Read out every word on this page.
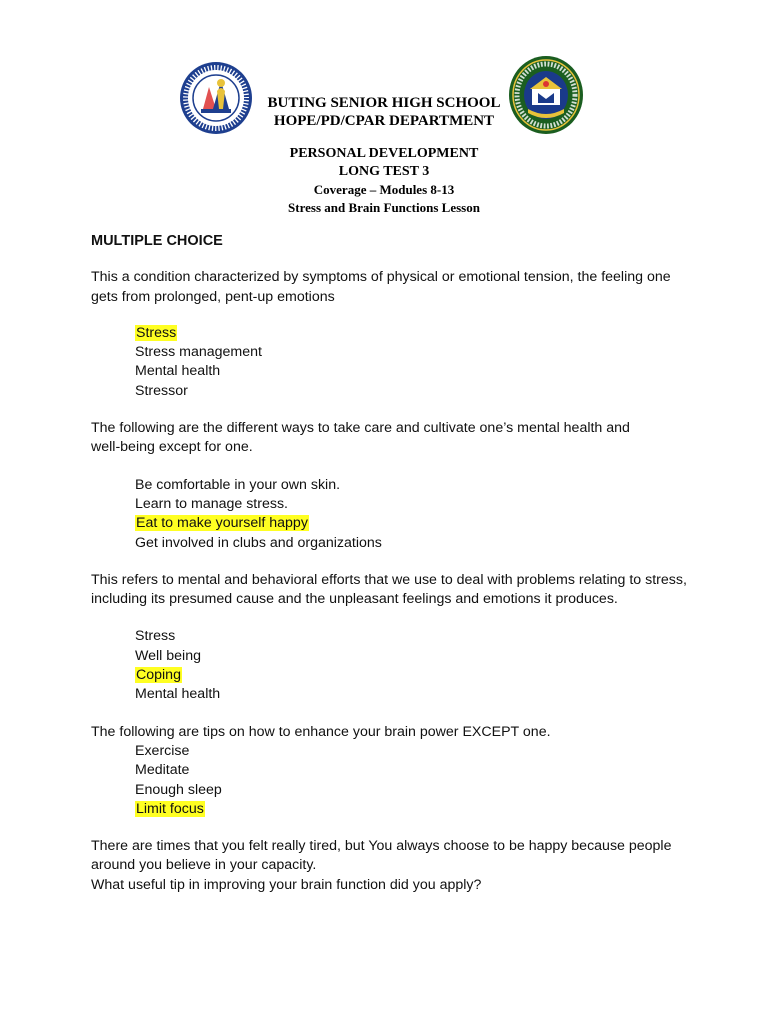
BUTING SENIOR HIGH SCHOOL
HOPE/PD/CPAR DEPARTMENT
PERSONAL DEVELOPMENT
LONG TEST 3
Coverage – Modules 8-13
Stress and Brain Functions Lesson
MULTIPLE CHOICE
This a condition characterized by symptoms of physical or emotional tension, the feeling one gets from prolonged, pent-up emotions
Stress
Stress management
Mental health
Stressor
The following are the different ways to take care and cultivate one’s mental health and well-being except for one.
Be comfortable in your own skin.
Learn to manage stress.
Eat to make yourself happy
Get involved in clubs and organizations
This refers to mental and behavioral efforts that we use to deal with problems relating to stress, including its presumed cause and the unpleasant feelings and emotions it produces.
Stress
Well being
Coping
Mental health
The following are tips on how to enhance your brain power EXCEPT one.
Exercise
Meditate
Enough sleep
Limit focus
There are times that you felt really tired, but You always choose to be happy because people around you believe in your capacity.
What useful tip in improving your brain function did you apply?
